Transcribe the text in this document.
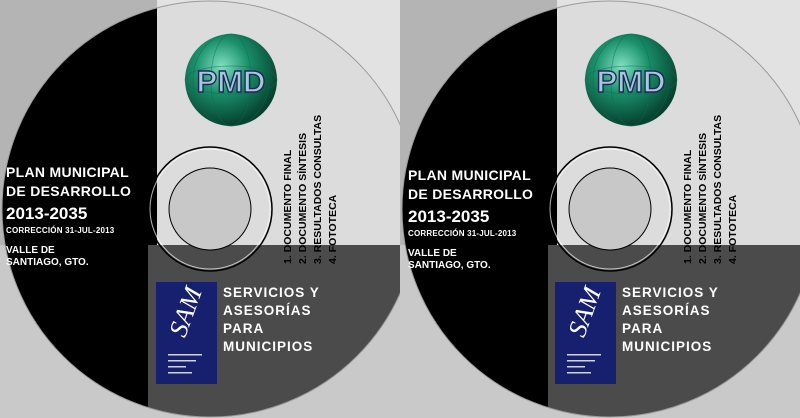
PMD
PLAN MUNICIPAL
DE DESARROLLO
2013-2035
CORRECCIÓN 31-JUL-2013
VALLE DE
SANTIAGO, GTO.	1. DOCUMENTO FINAL 2. DOCUMENTO SÍNTESIS 3. RESULTADOS CONSULTAS 4. FOTOTECA
SAM SERVICIOS Y
ASESORÍAS
PARA
MUNICIPIOS
PMD
PLAN MUNICIPAL
DE DESARROLLO
2013-2035
CORRECCIÓN 31-JUL-2013
VALLE DE
SANTIAGO, GTO.
1. DOCUMENTO FINAL 2. DOCUMENTO SÍNTESIS 3. RESULTADOS CONSULTAS 4. FOTOTECA
SAM SERVICIOS Y
ASESORÍAS
PARA
MUNICIPIOS
